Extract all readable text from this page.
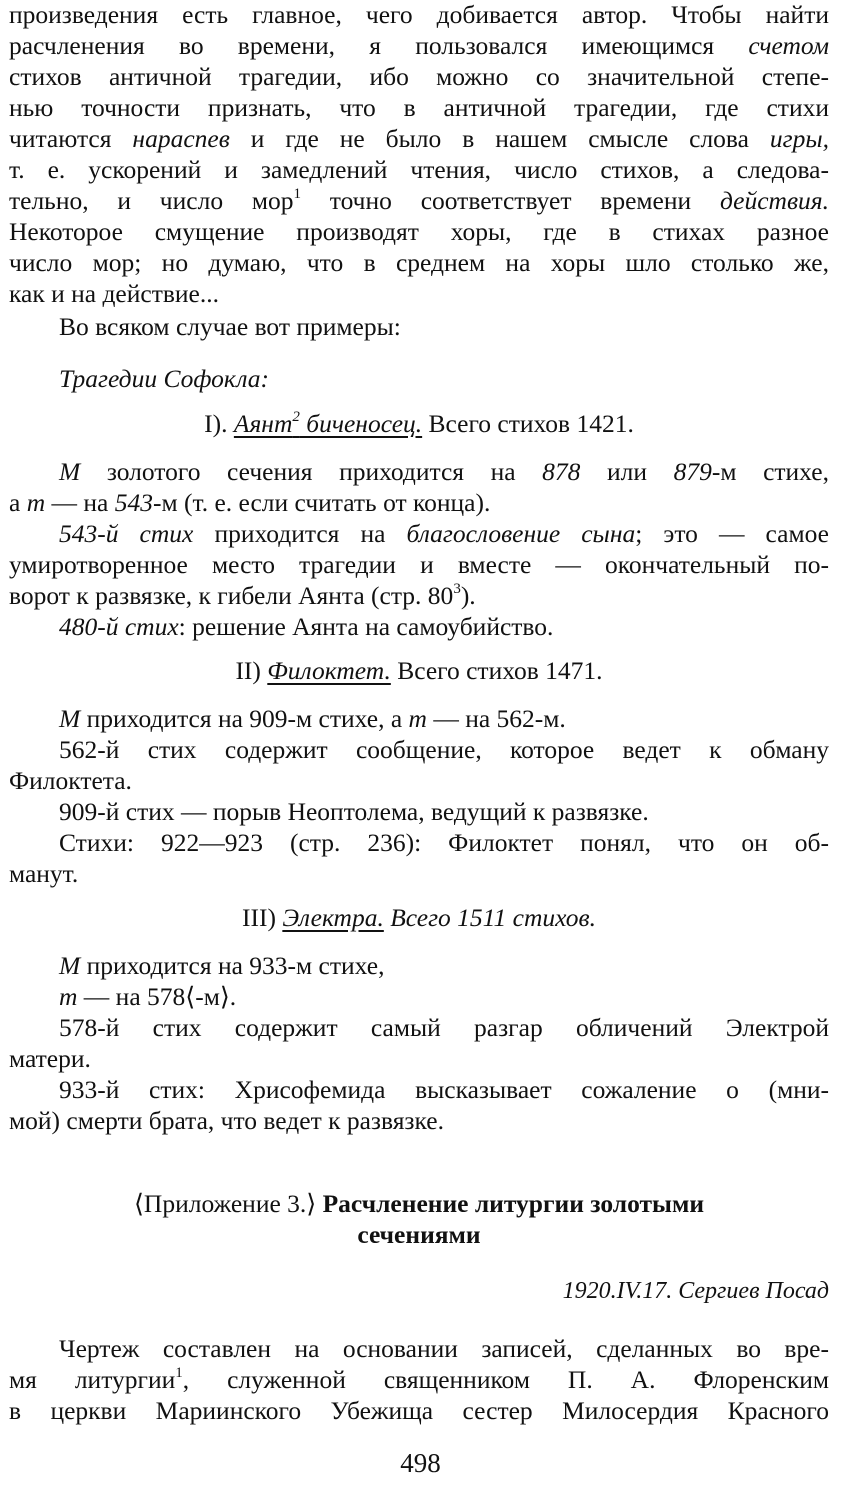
произведения есть главное, чего добивается автор. Чтобы найти
расчленения во времени, я пользовался имеющимся счетом
стихов античной трагедии, ибо можно со значительной степе-
нью точности признать, что в античной трагедии, где стихи
читаются нараспев и где не было в нашем смысле слова игры,
т. е. ускорений и замедлений чтения, число стихов, а следова-
тельно, и число мор$^1$ точно соответствует времени действия.
Некоторое смущение производят хоры, где в стихах разное
число мор; но думаю, что в среднем на хоры шло столько же,
как и на действие...
Во всяком случае вот примеры:
Трагедии Софокла:
I). Аянт$^2$ биченосец. Всего стихов 1421.
М золотого сечения приходится на 878 или 879-м стихе,
а m — на 543-м (т. е. если считать от конца).
543-й стих приходится на благословение сына; это — самое
умиротворенное место трагедии и вместе — окончательный по-
ворот к развязке, к гибели Аянта (стр. $80^3$).
480-й стих: решение Аянта на самоубийство.
II) Филоктет. Всего стихов 1471.
М приходится на 909-м стихе, а m — на 562-м.
562-й стих содержит сообщение, которое ведет к обману
Филоктета.
909-й стих — порыв Неоптолема, ведущий к развязке.
Стихи: 922—923 (стр. 236): Филоктет понял, что он об-
манут.
III) Электра. Всего 1511 стихов.
М приходится на 933-м стихе,
m — на 578⟨-м⟩.
578-й стих содержит самый разгар обличений Электрой
матери.
933-й стих: Хрисофемида высказывает сожаление о (мни-
мой) смерти брата, что ведет к развязке.
⟨Приложение 3.⟩ Расчленение литургии золотыми
сечениями
1920.IV.17. Сергиев Посад
Чертеж составлен на основании записей, сделанных во вре-
мя литургии$^1$, служенной священником П. А. Флоренским
в церкви Мариинского Убежища сестер Милосердия Красного
498
